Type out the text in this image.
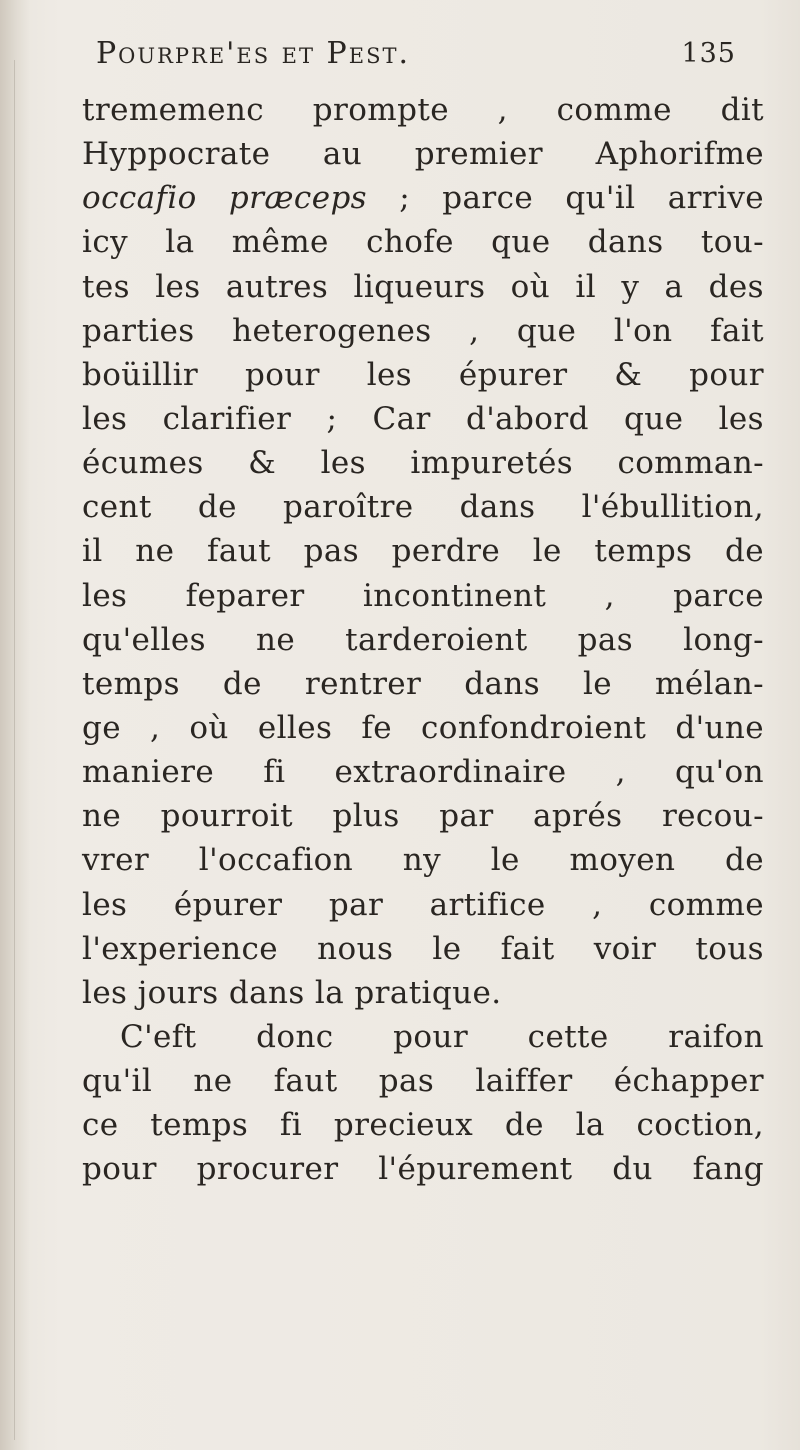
Pourpre'es et Pest.	135
trememenc prompte , comme dit
Hyppocrate au premier Aphorifme
occafio præceps ; parce qu'il arrive
icy la même chofe que dans tou-
tes les autres liqueurs où il y a des
parties heterogenes , que l'on fait
boüillir pour les épurer & pour
les clarifier ; Car d'abord que les
écumes & les impuretés comman-
cent de paroître dans l'ébullition,
il ne faut pas perdre le temps de
les feparer incontinent , parce
qu'elles ne tarderoient pas long-
temps de rentrer dans le mélan-
ge , où elles fe confondroient d'une
maniere fi extraordinaire , qu'on
ne pourroit plus par aprés recou-
vrer l'occafion ny le moyen de
les épurer par artifice , comme
l'experience nous le fait voir tous
les jours dans la pratique.
C'eft donc pour cette raifon
qu'il ne faut pas laiffer échapper
ce temps fi precieux de la coction,
pour procurer l'épurement du fang
